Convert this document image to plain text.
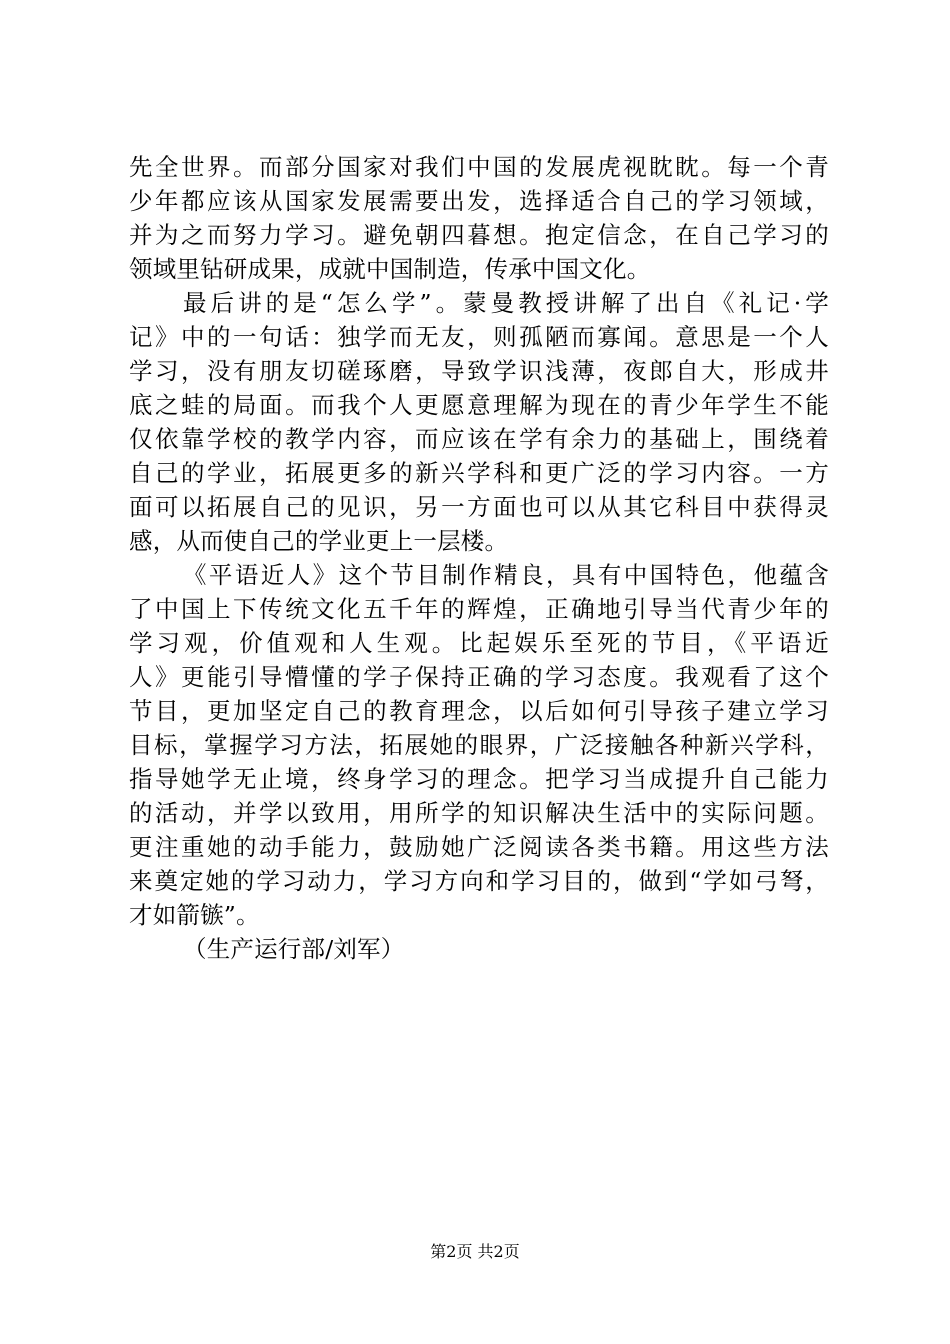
先全世界。而部分国家对我们中国的发展虎视眈眈。每一个青
少年都应该从国家发展需要出发，选择适合自己的学习领域，
并为之而努力学习。避免朝四暮想。抱定信念，在自己学习的
领域里钻研成果，成就中国制造，传承中国文化。
最后讲的是“怎么学”。蒙曼教授讲解了出自《礼记·学
记》中的一句话：独学而无友，则孤陋而寡闻。意思是一个人
学习，没有朋友切磋琢磨，导致学识浅薄，夜郎自大，形成井
底之蛙的局面。而我个人更愿意理解为现在的青少年学生不能
仅依靠学校的教学内容，而应该在学有余力的基础上，围绕着
自己的学业，拓展更多的新兴学科和更广泛的学习内容。一方
面可以拓展自己的见识，另一方面也可以从其它科目中获得灵
感，从而使自己的学业更上一层楼。
《平语近人》这个节目制作精良，具有中国特色，他蕴含
了中国上下传统文化五千年的辉煌，正确地引导当代青少年的
学习观，价值观和人生观。比起娱乐至死的节目，《平语近
人》更能引导懵懂的学子保持正确的学习态度。我观看了这个
节目，更加坚定自己的教育理念，以后如何引导孩子建立学习
目标，掌握学习方法，拓展她的眼界，广泛接触各种新兴学科，
指导她学无止境，终身学习的理念。把学习当成提升自己能力
的活动，并学以致用，用所学的知识解决生活中的实际问题。
更注重她的动手能力，鼓励她广泛阅读各类书籍。用这些方法
来奠定她的学习动力，学习方向和学习目的，做到“学如弓弩，
才如箭镞”。
（生产运行部/刘军）
第2页 共2页
